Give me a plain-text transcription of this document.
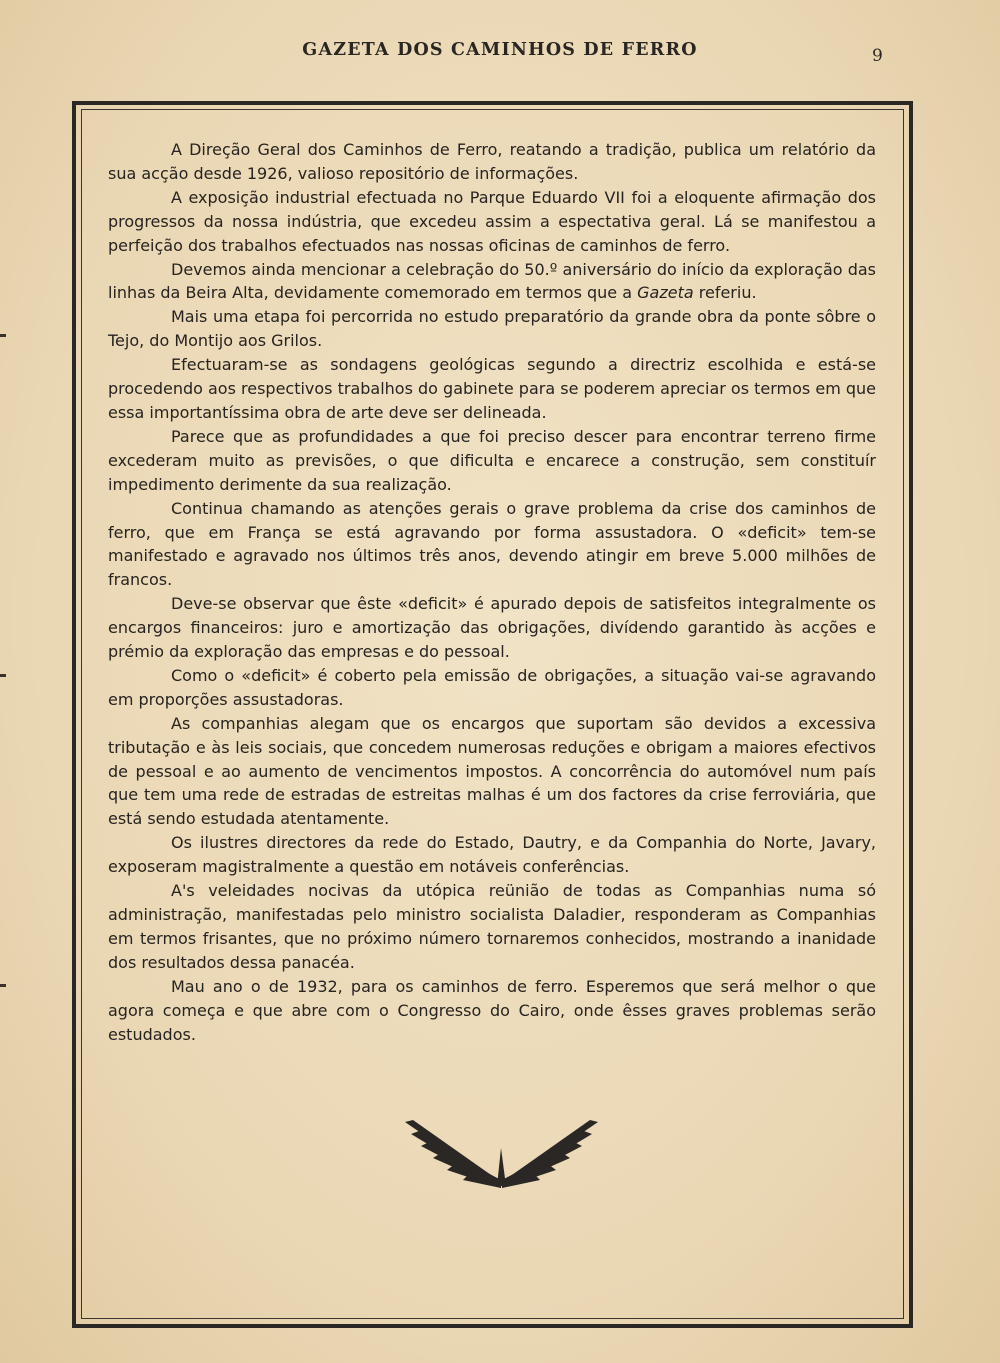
GAZETA DOS CAMINHOS DE FERRO	9

A Direção Geral dos Caminhos de Ferro, reatando a tradição, publica um relatório da sua acção desde 1926, valioso repositório de informações.

A exposição industrial efectuada no Parque Eduardo VII foi a eloquente afirmação dos progressos da nossa indústria, que excedeu assim a espectativa geral. Lá se manifestou a perfeição dos trabalhos efectuados nas nossas oficinas de caminhos de ferro.

Devemos ainda mencionar a celebração do 50.º aniversário do início da exploração das linhas da Beira Alta, devidamente comemorado em termos que a Gazeta referiu.

Mais uma etapa foi percorrida no estudo preparatório da grande obra da ponte sôbre o Tejo, do Montijo aos Grilos.

Efectuaram-se as sondagens geológicas segundo a directriz escolhida e está-se procedendo aos respectivos trabalhos do gabinete para se poderem apreciar os termos em que essa importantíssima obra de arte deve ser delineada.

Parece que as profundidades a que foi preciso descer para encontrar terreno firme excederam muito as previsões, o que dificulta e encarece a construção, sem constituír impedimento derimente da sua realização.

Continua chamando as atenções gerais o grave problema da crise dos caminhos de ferro, que em França se está agravando por forma assustadora. O «deficit» tem-se manifestado e agravado nos últimos três anos, devendo atingir em breve 5.000 milhões de francos.

Deve-se observar que êste «deficit» é apurado depois de satisfeitos integralmente os encargos financeiros: juro e amortização das obrigações, divídendo garantido às acções e prémio da exploração das empresas e do pessoal.

Como o «deficit» é coberto pela emissão de obrigações, a situação vai-se agravando em proporções assustadoras.

As companhias alegam que os encargos que suportam são devidos a excessiva tributação e às leis sociais, que concedem numerosas reduções e obrigam a maiores efectivos de pessoal e ao aumento de vencimentos impostos. A concorrência do automóvel num país que tem uma rede de estradas de estreitas malhas é um dos factores da crise ferroviária, que está sendo estudada atentamente.

Os ilustres directores da rede do Estado, Dautry, e da Companhia do Norte, Javary, exposeram magistralmente a questão em notáveis conferências.

A's veleidades nocivas da utópica reünião de todas as Companhias numa só administração, manifestadas pelo ministro socialista Daladier, responderam as Companhias em termos frisantes, que no próximo número tornaremos conhecidos, mostrando a inanidade dos resultados dessa panacéa.

Mau ano o de 1932, para os caminhos de ferro. Esperemos que será melhor o que agora começa e que abre com o Congresso do Cairo, onde êsses graves problemas serão estudados.
